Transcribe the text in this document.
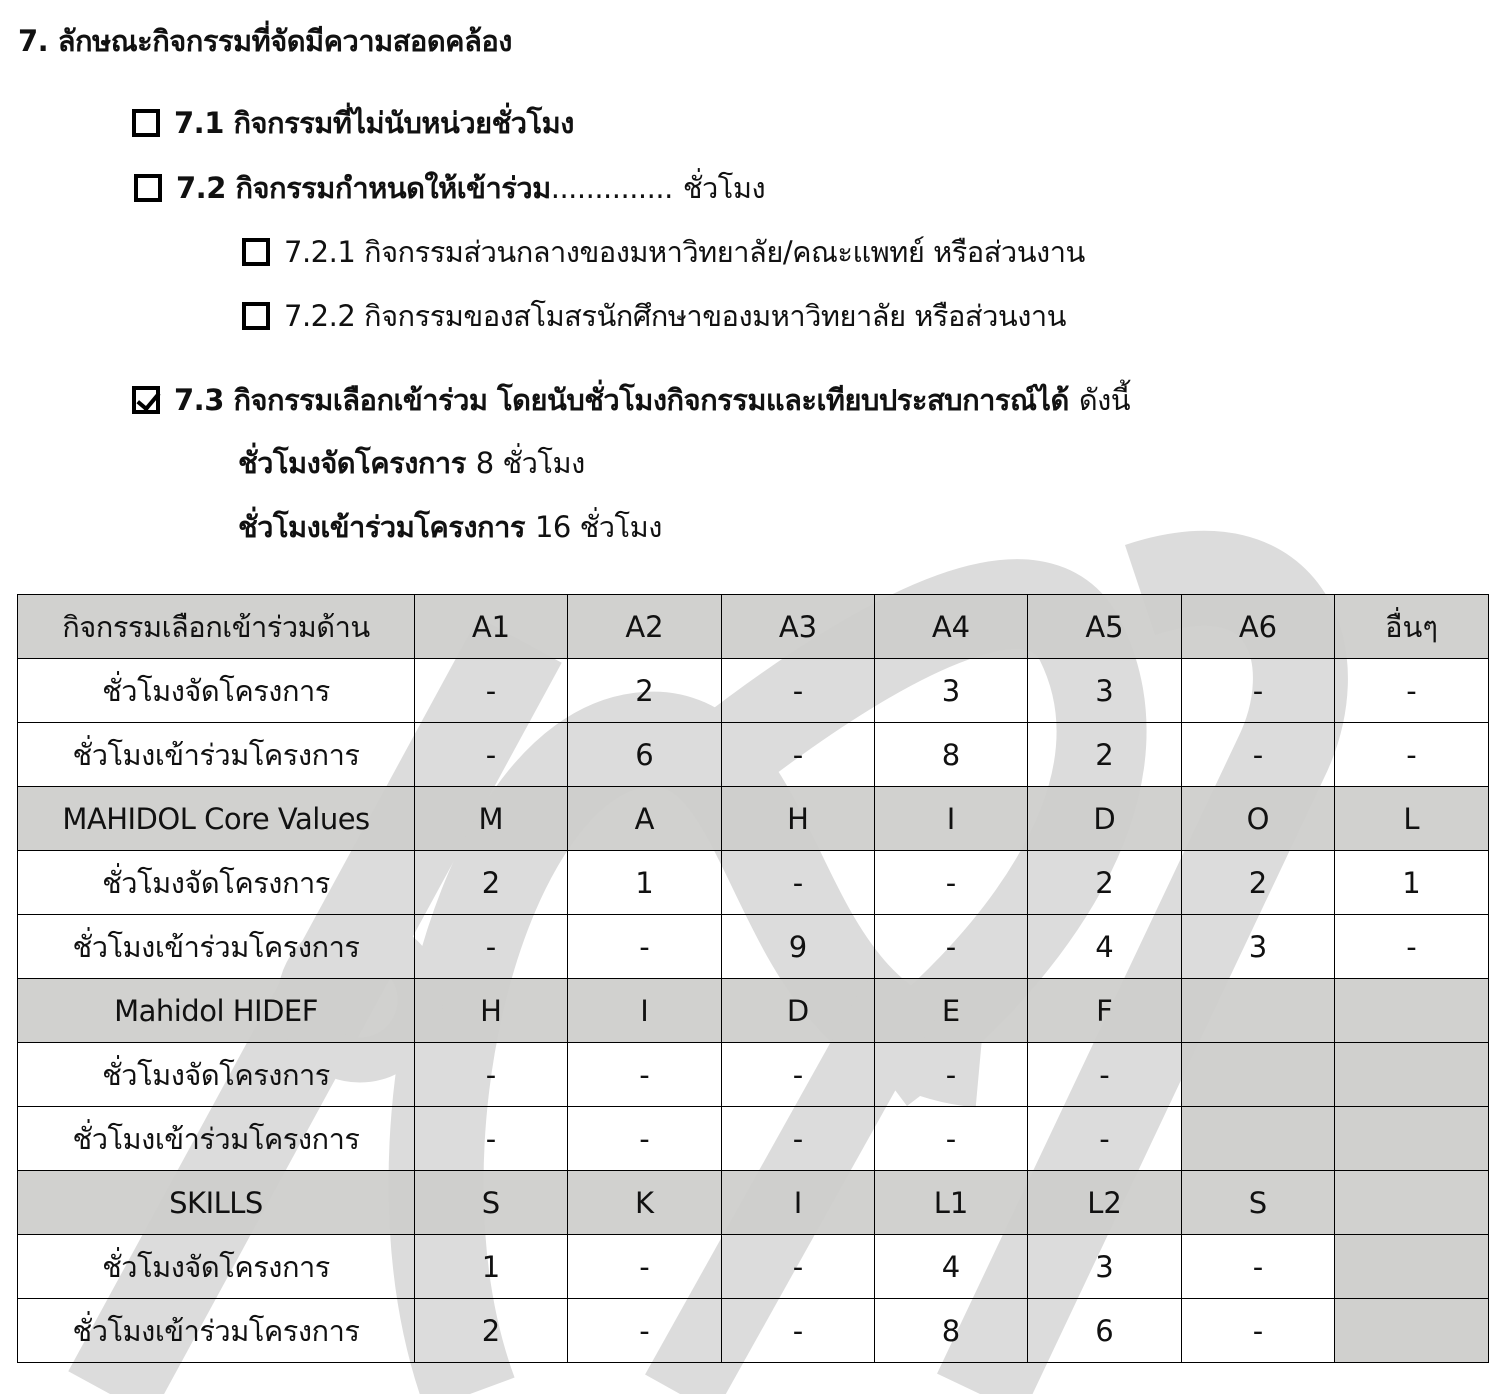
7. ลักษณะกิจกรรมที่จัดมีความสอดคล้อง
7.1 กิจกรรมที่ไม่นับหน่วยชั่วโมง
7.2 กิจกรรมกำหนดให้เข้าร่วม .............. ชั่วโมง
7.2.1 กิจกรรมส่วนกลางของมหาวิทยาลัย/คณะแพทย์ หรือส่วนงาน
7.2.2 กิจกรรมของสโมสรนักศึกษาของมหาวิทยาลัย หรือส่วนงาน
7.3 กิจกรรมเลือกเข้าร่วม โดยนับชั่วโมงกิจกรรมและเทียบประสบการณ์ได้ ดังนี้
ชั่วโมงจัดโครงการ 8 ชั่วโมง
ชั่วโมงเข้าร่วมโครงการ 16 ชั่วโมง
กิจกรรมเลือกเข้าร่วมด้าน	A1	A2	A3	A4	A5	A6	อื่นๆ
ชั่วโมงจัดโครงการ	-	2	-	3	3	-	-
ชั่วโมงเข้าร่วมโครงการ	-	6	-	8	2	-	-
MAHIDOL Core Values	M	A	H	I	D	O	L
ชั่วโมงจัดโครงการ	2	1	-	-	2	2	1
ชั่วโมงเข้าร่วมโครงการ	-	-	9	-	4	3	-
Mahidol HIDEF	H	I	D	E	F		
ชั่วโมงจัดโครงการ	-	-	-	-	-		
ชั่วโมงเข้าร่วมโครงการ	-	-	-	-	-		
SKILLS	S	K	I	L1	L2	S	
ชั่วโมงจัดโครงการ	1	-	-	4	3	-	
ชั่วโมงเข้าร่วมโครงการ	2	-	-	8	6	-	
